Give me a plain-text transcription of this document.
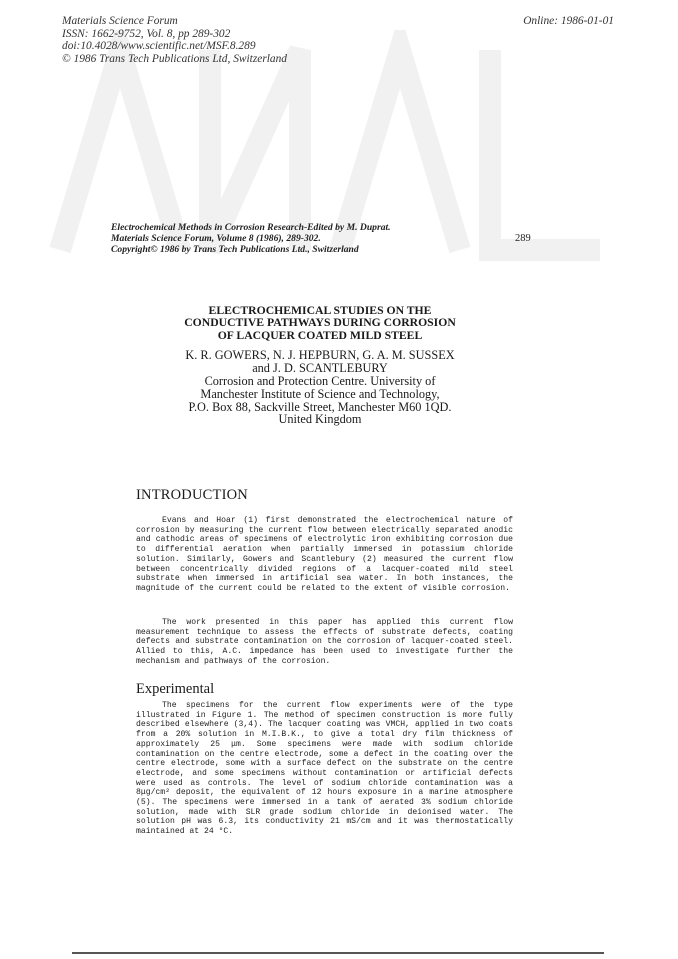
Materials Science Forum
ISSN: 1662-9752, Vol. 8, pp 289-302
doi:10.4028/www.scientific.net/MSF.8.289
© 1986 Trans Tech Publications Ltd, Switzerland
Online: 1986-01-01
Electrochemical Methods in Corrosion Research-Edited by M. Duprat.
Materials Science Forum, Volume 8 (1986), 289-302.
Copyright© 1986 by Trans Tech Publications Ltd., Switzerland
289
ELECTROCHEMICAL STUDIES ON THE
CONDUCTIVE PATHWAYS DURING CORROSION
OF LACQUER COATED MILD STEEL
K. R. GOWERS, N. J. HEPBURN, G. A. M. SUSSEX
and J. D. SCANTLEBURY
Corrosion and Protection Centre. University of
Manchester Institute of Science and Technology,
P.O. Box 88, Sackville Street, Manchester M60 1QD.
United Kingdom
INTRODUCTION

Evans and Hoar (1) first demonstrated the electrochemical nature of corrosion by measuring the current flow between electrically separated anodic and cathodic areas of specimens of electrolytic iron exhibiting corrosion due to differential aeration when partially immersed in potassium chloride solution. Similarly, Gowers and Scantlebury (2) measured the current flow between concentrically divided regions of a lacquer-coated mild steel substrate when immersed in artificial sea water. In both instances, the magnitude of the current could be related to the extent of visible corrosion.

The work presented in this paper has applied this current flow measurement technique to assess the effects of substrate defects, coating defects and substrate contamination on the corrosion of lacquer-coated steel. Allied to this, A.C. impedance has been used to investigate further the mechanism and pathways of the corrosion.

Experimental

The specimens for the current flow experiments were of the type illustrated in Figure 1. The method of specimen construction is more fully described elsewhere (3,4). The lacquer coating was VMCH, applied in two coats from a 20% solution in M.I.B.K., to give a total dry film thickness of approximately 25 μm. Some specimens were made with sodium chloride contamination on the centre electrode, some a defect in the coating over the centre electrode, some with a surface defect on the substrate on the centre electrode, and some specimens without contamination or artificial defects were used as controls. The level of sodium chloride contamination was a 8μg/cm² deposit, the equivalent of 12 hours exposure in a marine atmosphere (5). The specimens were immersed in a tank of aerated 3% sodium chloride solution, made with SLR grade sodium chloride in deionised water. The solution pH was 6.3, its conductivity 21 mS/cm and it was thermostatically maintained at 24 °C.
